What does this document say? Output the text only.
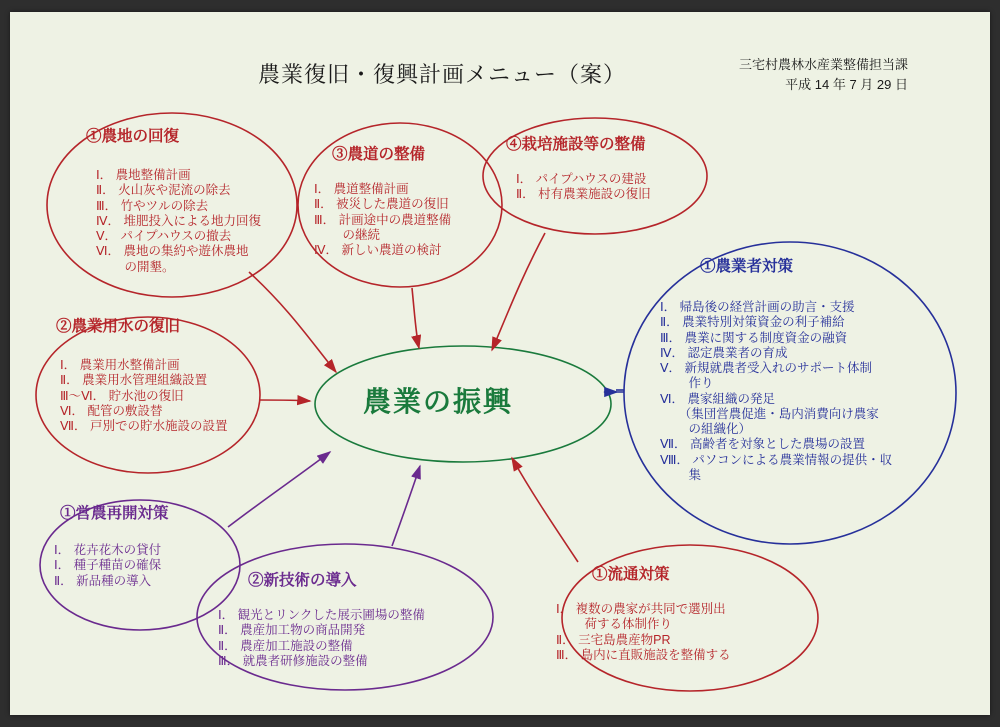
農業復旧・復興計画メニュー（案）	三宅村農林水産業整備担当課
平成 14 年 7 月 29 日
農業の振興
①農地の回復
Ⅰ． 農地整備計画
Ⅱ． 火山灰や泥流の除去
Ⅲ． 竹やツルの除去
Ⅳ． 堆肥投入による地力回復
Ⅴ． パイプハウスの撤去
Ⅵ． 農地の集約や遊休農地
　　 の開墾。
②農業用水の復旧
Ⅰ． 農業用水整備計画
Ⅱ． 農業用水管理組織設置
Ⅲ～Ⅵ． 貯水池の復旧
Ⅵ． 配管の敷設替
Ⅶ． 戸別での貯水施設の設置
③農道の整備
Ⅰ． 農道整備計画
Ⅱ． 被災した農道の復旧
Ⅲ． 計画途中の農道整備
　　 の継続
Ⅳ． 新しい農道の検討
④栽培施設等の整備
Ⅰ． パイプハウスの建設
Ⅱ． 村有農業施設の復旧
①農業者対策
Ⅰ． 帰島後の経営計画の助言・支援
Ⅱ． 農業特別対策資金の利子補給
Ⅲ． 農業に関する制度資金の融資
Ⅳ． 認定農業者の育成
Ⅴ． 新規就農者受入れのサポート体制
　　 作り
Ⅵ． 農家組織の発足
　　（集団営農促進・島内消費向け農家
　　 の組織化）
Ⅶ． 高齢者を対象とした農場の設置
Ⅷ． パソコンによる農業情報の提供・収
　　 集
①営農再開対策
Ⅰ． 花卉花木の貸付
Ⅰ． 種子種苗の確保
Ⅱ． 新品種の導入	②新技術の導入
Ⅰ． 観光とリンクした展示圃場の整備
Ⅱ． 農産加工物の商品開発
Ⅱ． 農産加工施設の整備
Ⅲ． 就農者研修施設の整備
①流通対策
Ⅰ． 複数の農家が共同で選別出
　　 荷する体制作り
Ⅱ． 三宅島農産物PR
Ⅲ． 島内に直販施設を整備する
